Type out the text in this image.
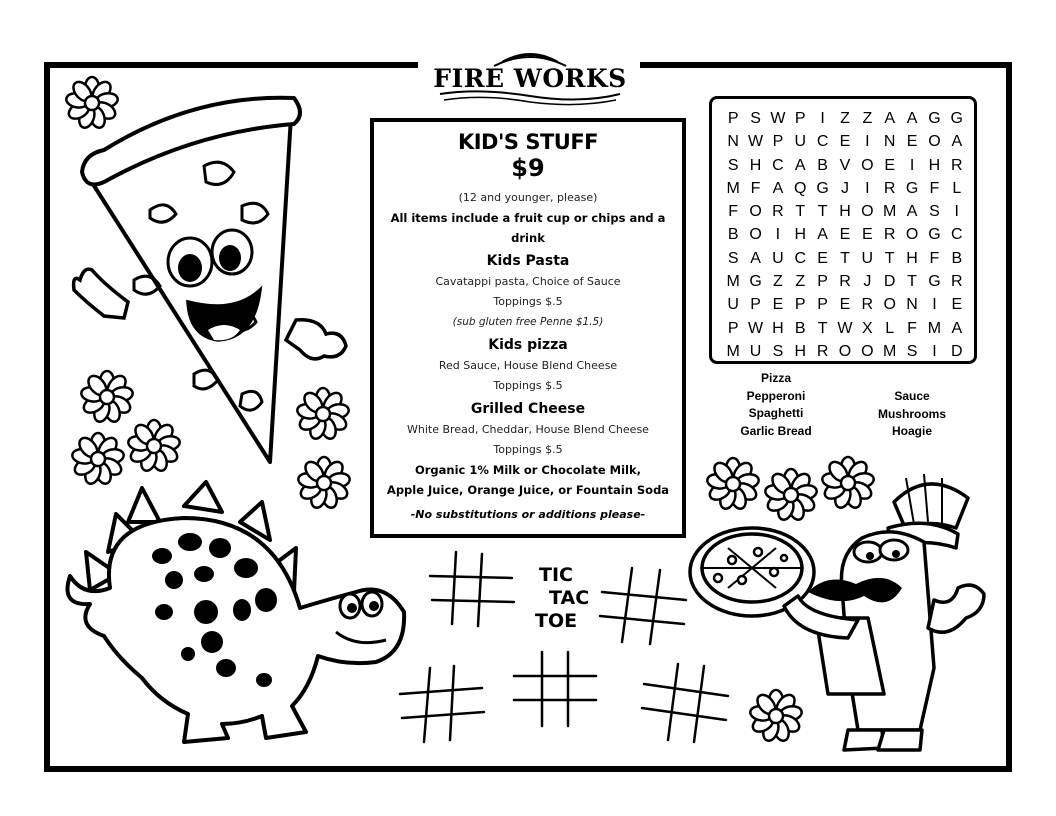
FIRE WORKS
KID'S STUFF
$9
(12 and younger, please)
All items include a fruit cup or chips and a drink
Kids Pasta
Cavatappi pasta, Choice of Sauce
Toppings $.5
(sub gluten free Penne $1.5)
Kids pizza
Red Sauce, House Blend Cheese
Toppings $.5
Grilled Cheese
White Bread, Cheddar, House Blend Cheese
Toppings $.5
Organic 1% Milk or Chocolate Milk,
Apple Juice, Orange Juice, or Fountain Soda
-No substitutions or additions please-
P S W P I Z Z A A G G
N W P U C E I N E O A
S H C A B V O E I H R
M F A Q G J	I R G F L
F O R T T H O M A S I
B O I H A E E R O G C
S A U C E T U T H F B
M G Z Z P R J D T G R
U P E P P E R O N I E
P W H B T W X L F M A
M U S H R O O M S I D
Pizza
Pepperoni
Spaghetti
Garlic Bread
Sauce
Mushrooms
Hoagie
TIC
TAC
TOE
